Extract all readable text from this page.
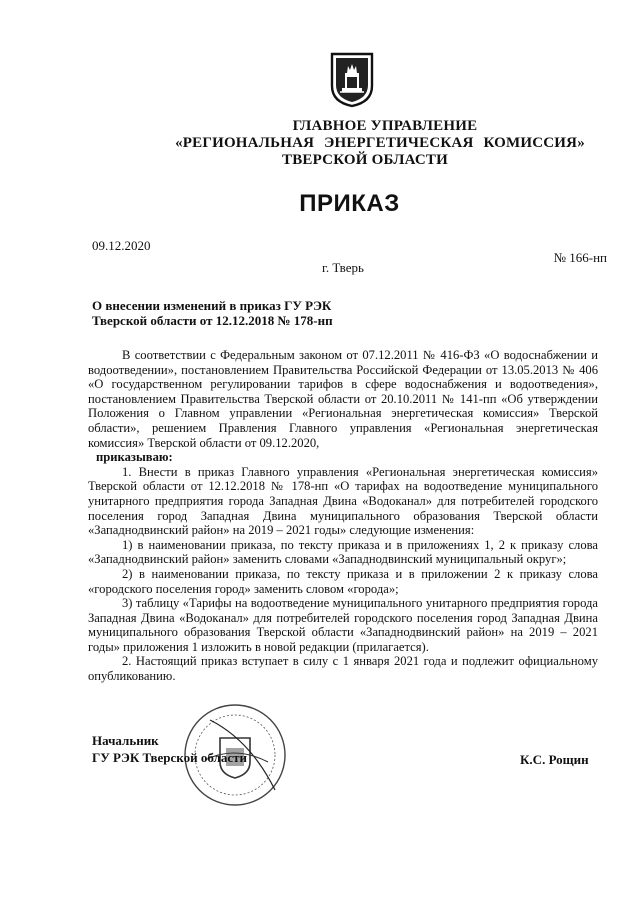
ГЛАВНОЕ УПРАВЛЕНИЕ
«РЕГИОНАЛЬНАЯ ЭНЕРГЕТИЧЕСКАЯ КОМИССИЯ»
ТВЕРСКОЙ ОБЛАСТИ
ПРИКАЗ
09.12.2020
г. Тверь
№ 166-нп
О внесении изменений в приказ ГУ РЭК
Тверской области от 12.12.2018 № 178-нп

В соответствии с Федеральным законом от 07.12.2011 № 416-ФЗ «О водоснабжении и водоотведении», постановлением Правительства Российской Федерации от 13.05.2013 № 406 «О государственном регулировании тарифов в сфере водоснабжения и водоотведения», постановлением Правительства Тверской области от 20.10.2011 № 141-пп «Об утверждении Положения о Главном управлении «Региональная энергетическая комиссия» Тверской области», решением Правления Главного управления «Региональная энергетическая комиссия» Тверской области от 09.12.2020,

приказываю:

1. Внести в приказ Главного управления «Региональная энергетическая комиссия» Тверской области от 12.12.2018 № 178-нп «О тарифах на водоотведение муниципального унитарного предприятия города Западная Двина «Водоканал» для потребителей городского поселения город Западная Двина муниципального образования Тверской области «Западнодвинский район» на 2019 – 2021 годы» следующие изменения:

1) в наименовании приказа, по тексту приказа и в приложениях 1, 2 к приказу слова «Западнодвинский район» заменить словами «Западнодвинский муниципальный округ»;

2) в наименовании приказа, по тексту приказа и в приложении 2 к приказу слова «городского поселения город» заменить словом «города»;

3) таблицу «Тарифы на водоотведение муниципального унитарного предприятия города Западная Двина «Водоканал» для потребителей городского поселения город Западная Двина муниципального образования Тверской области «Западнодвинский район» на 2019 – 2021 годы» приложения 1 изложить в новой редакции (прилагается).

2. Настоящий приказ вступает в силу с 1 января 2021 года и подлежит официальному опубликованию.

Начальник
ГУ РЭК Тверской области	К.С. Рощин
